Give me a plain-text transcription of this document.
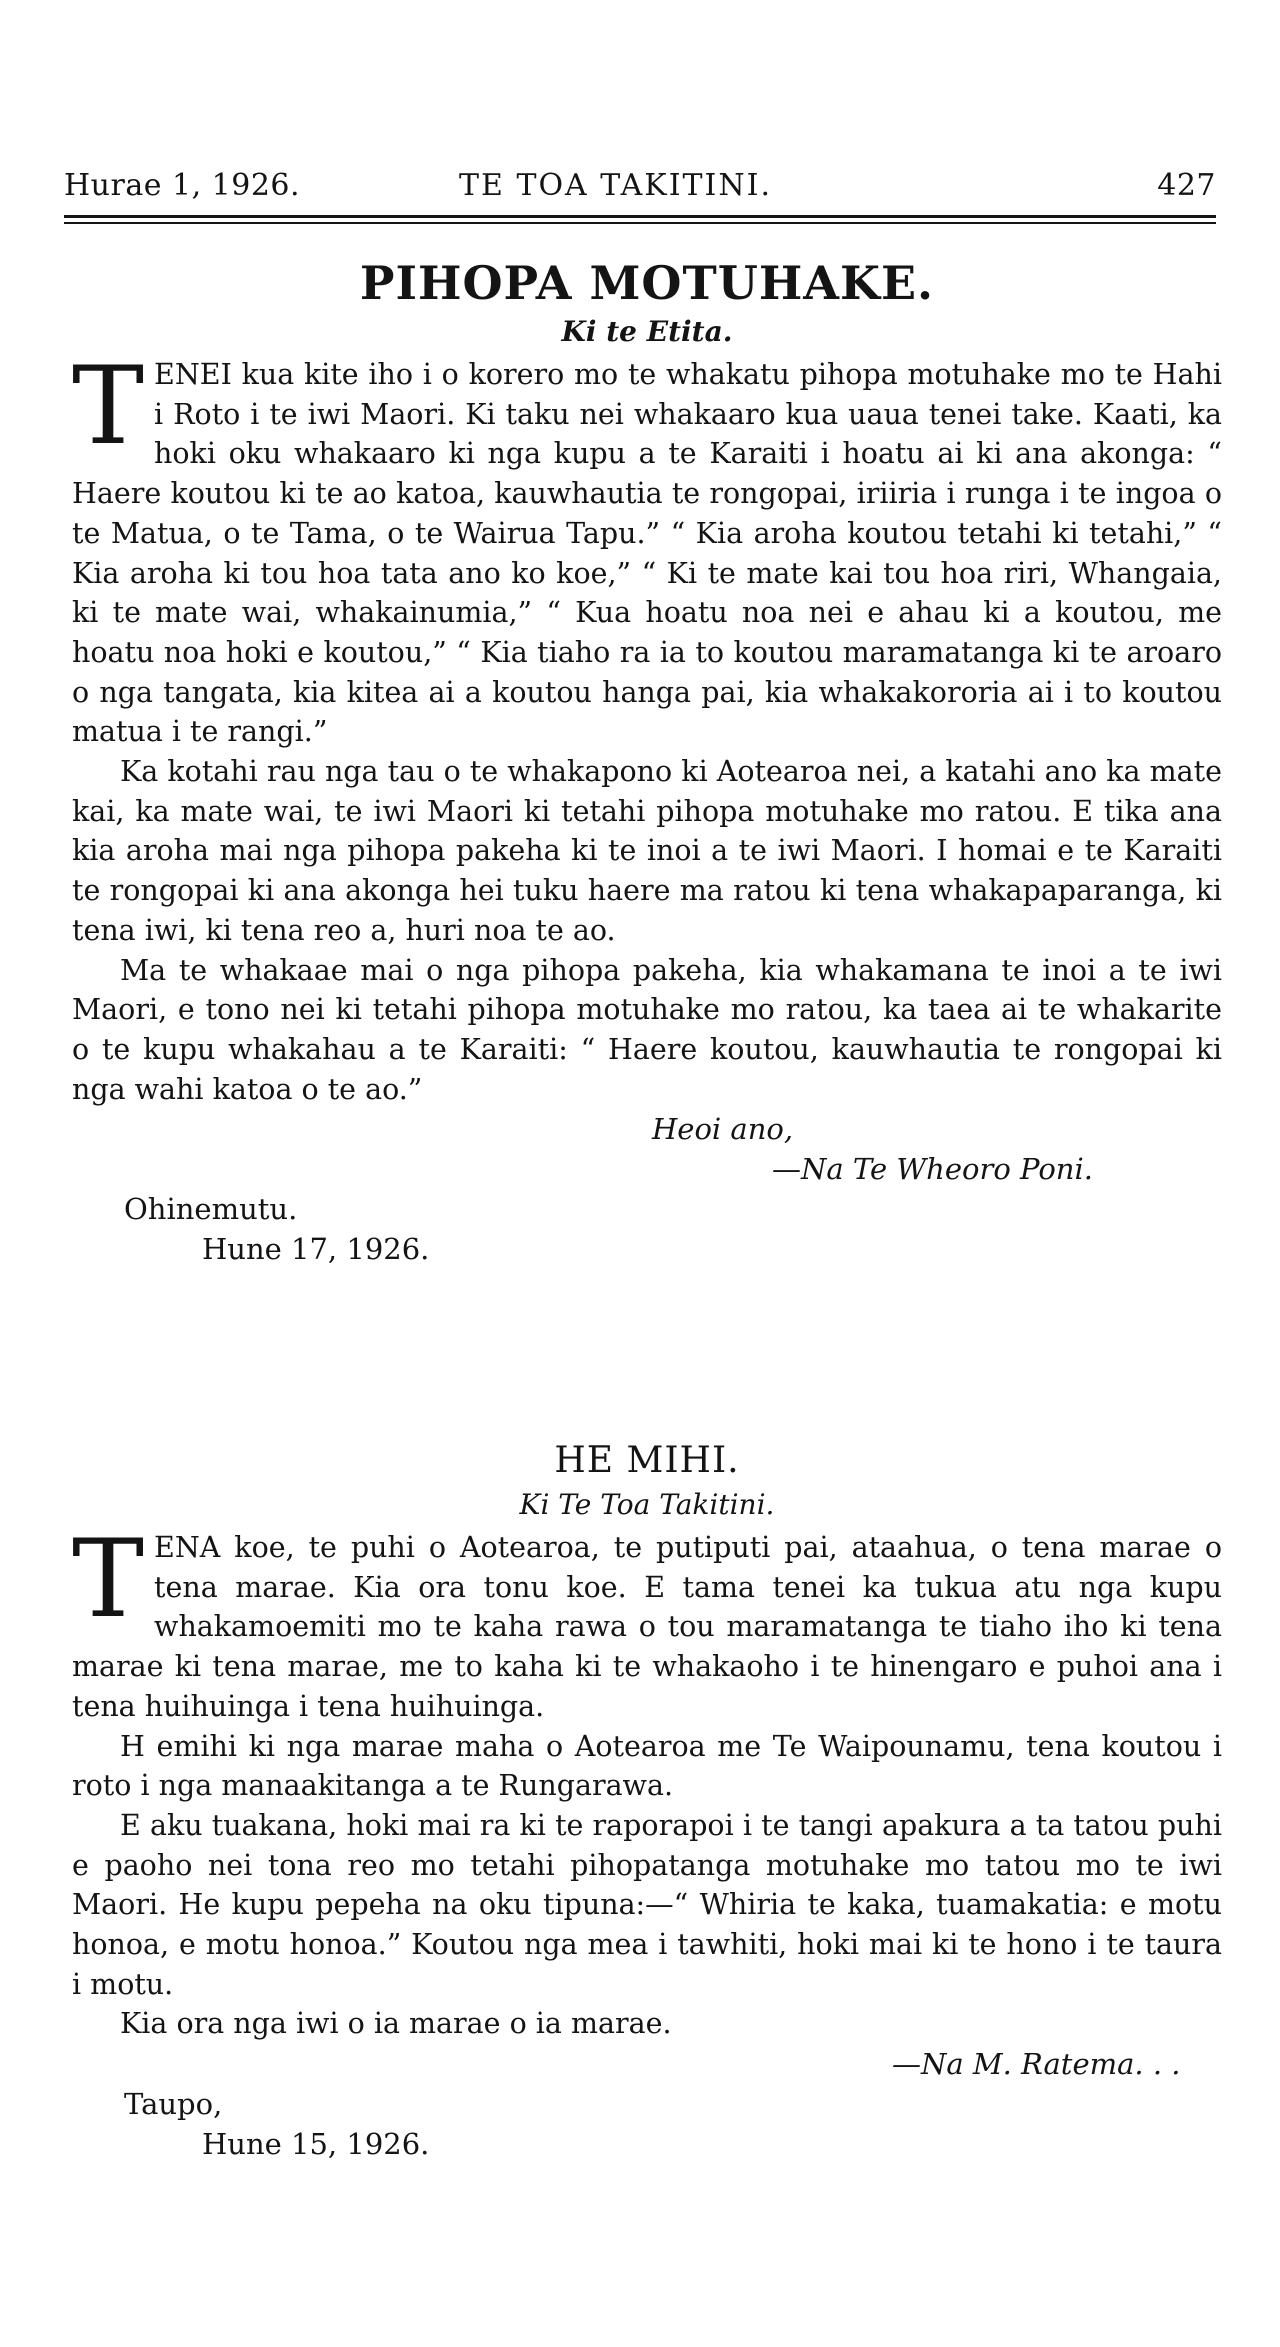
Hurae 1, 1926.	TE TOA TAKITINI.	427
PIHOPA MOTUHAKE.

Ki te Etita.

TENEI kua kite iho i o korero mo te whakatu pihopa motuhake mo te Hahi i Roto i te iwi Maori. Ki taku nei whakaaro kua uaua tenei take. Kaati, ka hoki oku whakaaro ki nga kupu a te Karaiti i hoatu ai ki ana akonga: “ Haere koutou ki te ao katoa, kauwhautia te rongopai, iriiria i runga i te ingoa o te Matua, o te Tama, o te Wairua Tapu.” “ Kia aroha koutou tetahi ki tetahi,” “ Kia aroha ki tou hoa tata ano ko koe,” “ Ki te mate kai tou hoa riri, Whangaia, ki te mate wai, whakainumia,” “ Kua hoatu noa nei e ahau ki a koutou, me hoatu noa hoki e koutou,” “ Kia tiaho ra ia to koutou maramatanga ki te aroaro o nga tangata, kia kitea ai a koutou hanga pai, kia whakakororia ai i to koutou matua i te rangi.”

Ka kotahi rau nga tau o te whakapono ki Aotearoa nei, a katahi ano ka mate kai, ka mate wai, te iwi Maori ki tetahi pihopa motuhake mo ratou. E tika ana kia aroha mai nga pihopa pakeha ki te inoi a te iwi Maori. I homai e te Karaiti te rongopai ki ana akonga hei tuku haere ma ratou ki tena whakapaparanga, ki tena iwi, ki tena reo a, huri noa te ao.

Ma te whakaae mai o nga pihopa pakeha, kia whakamana te inoi a te iwi Maori, e tono nei ki tetahi pihopa motuhake mo ratou, ka taea ai te whakarite o te kupu whakahau a te Karaiti: “ Haere koutou, kauwhautia te rongopai ki nga wahi katoa o te ao.”

Heoi ano,
—Na Te Wheoro Poni.
Ohinemutu.
Hune 17, 1926.
HE MIHI.

Ki Te Toa Takitini.

TENA koe, te puhi o Aotearoa, te putiputi pai, ataahua, o tena marae o tena marae. Kia ora tonu koe. E tama tenei ka tukua atu nga kupu whakamoemiti mo te kaha rawa o tou maramatanga te tiaho iho ki tena marae ki tena marae, me to kaha ki te whakaoho i te hinengaro e puhoi ana i tena huihuinga i tena huihuinga.

H emihi ki nga marae maha o Aotearoa me Te Waipounamu, tena koutou i roto i nga manaakitanga a te Rungarawa.

E aku tuakana, hoki mai ra ki te raporapoi i te tangi apakura a ta tatou puhi e paoho nei tona reo mo tetahi pihopatanga motuhake mo tatou mo te iwi Maori. He kupu pepeha na oku tipuna:—“ Whiria te kaka, tuamakatia: e motu honoa, e motu honoa.” Koutou nga mea i tawhiti, hoki mai ki te hono i te taura i motu.

Kia ora nga iwi o ia marae o ia marae.

—Na M. Ratema. . .
Taupo,
Hune 15, 1926.
